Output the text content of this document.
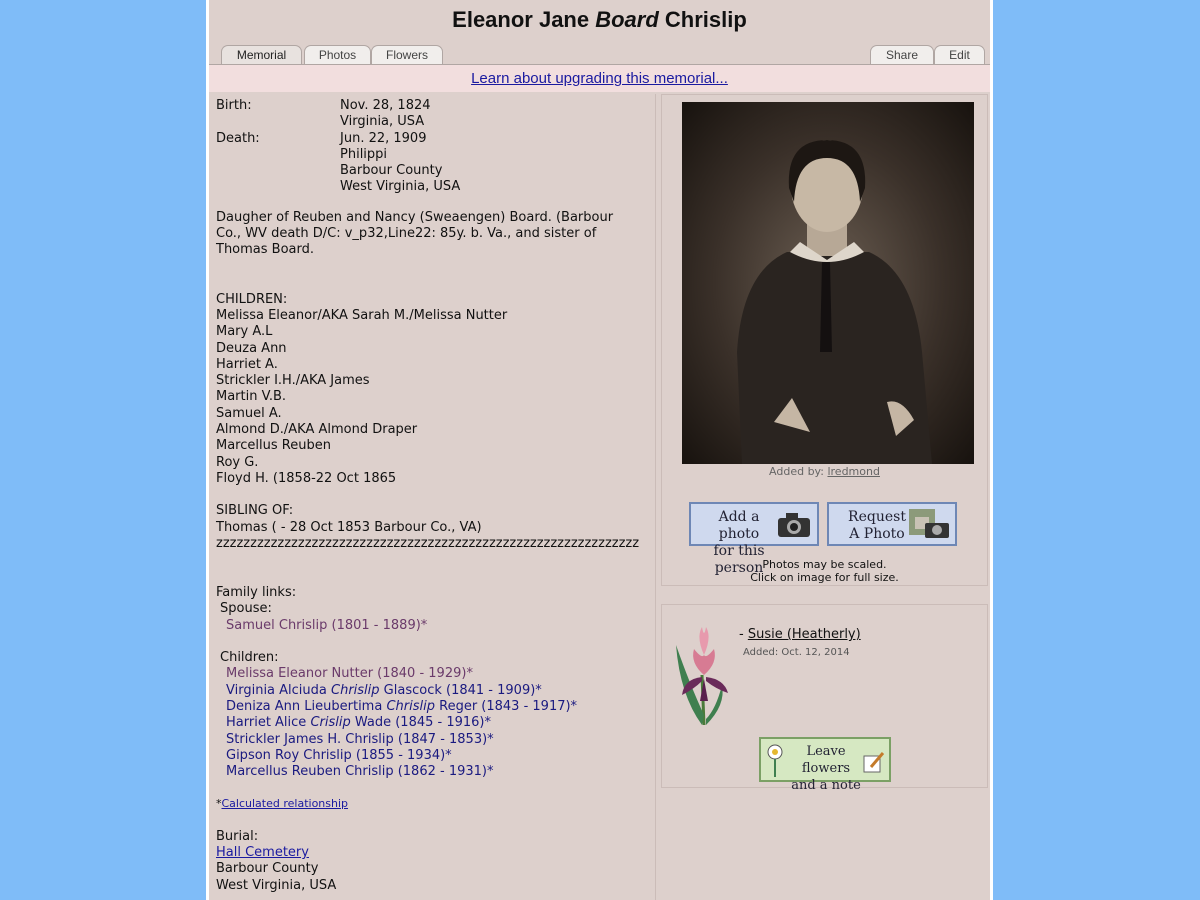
Eleanor Jane Board Chrislip
Memorial	Photos	Flowers	Share	Edit
Learn about upgrading this memorial...
Birth:	Nov. 28, 1824
Virginia, USA
Death:	Jun. 22, 1909
Philippi
Barbour County
West Virginia, USA
Daugher of Reuben and Nancy (Sweaengen) Board. (Barbour Co., WV death D/C: v_p32,Line22: 85y. b. Va., and sister of Thomas Board.
CHILDREN:
Melissa Eleanor/AKA Sarah M./Melissa Nutter
Mary A.L
Deuza Ann
Harriet A.
Strickler I.H./AKA James
Martin V.B.
Samuel A.
Almond D./AKA Almond Draper
Marcellus Reuben
Roy G.
Floyd H. (1858-22 Oct 1865
SIBLING OF:
Thomas ( - 28 Oct 1853 Barbour Co., VA)
zzzzzzzzzzzzzzzzzzzzzzzzzzzzzzzzzzzzzzzzzzzzzzzzzzzzzzzzzzzzzz
Family links:
Spouse:
Samuel Chrislip (1801 - 1889)*
Children:
Melissa Eleanor Nutter (1840 - 1929)*
Virginia Alciuda Chrislip Glascock (1841 - 1909)*
Deniza Ann Lieubertima Chrislip Reger (1843 - 1917)*
Harriet Alice Crislip Wade (1845 - 1916)*
Strickler James H. Chrislip (1847 - 1853)*
Gipson Roy Chrislip (1855 - 1934)*
Marcellus Reuben Chrislip (1862 - 1931)*
*Calculated relationship
Burial:
Hall Cemetery
Barbour County
West Virginia, USA
Added by: lredmond
Add a photo
for this person
Request
A Photo
Photos may be scaled.
Click on image for full size.
- Susie (Heatherly)
Added: Oct. 12, 2014
Leave flowers
and a note
